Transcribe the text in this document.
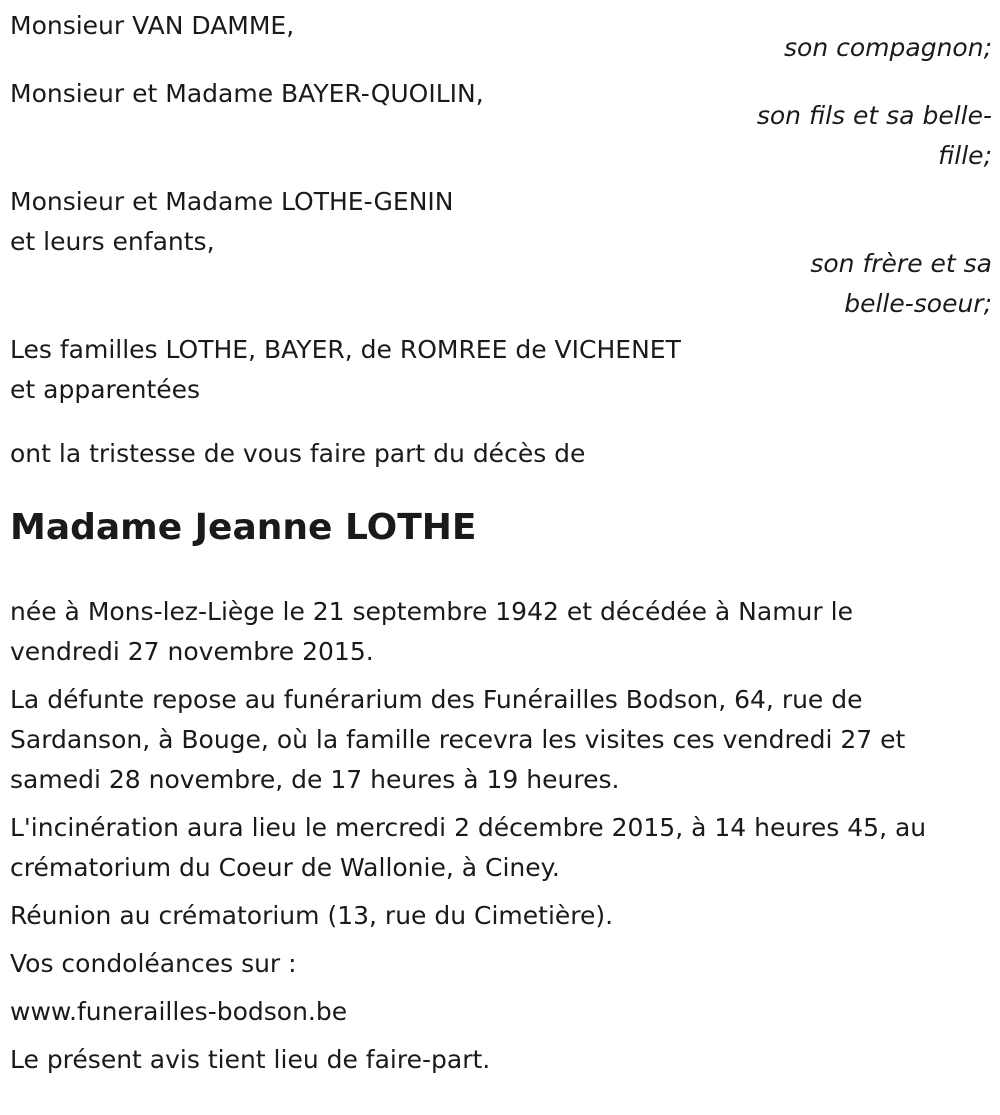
Monsieur VAN DAMME,

son compagnon;

Monsieur et Madame BAYER-QUOILIN,

son fils et sa belle-

fille;

Monsieur et Madame LOTHE-GENIN

et leurs enfants,

son frère et sa

belle-soeur;

Les familles LOTHE, BAYER, de ROMREE de VICHENET

et apparentées

ont la tristesse de vous faire part du décès de

Madame Jeanne LOTHE
née à Mons-lez-Liège le 21 septembre 1942 et décédée à Namur le
vendredi 27 novembre 2015.
La défunte repose au funérarium des Funérailles Bodson, 64, rue de
Sardanson, à Bouge, où la famille recevra les visites ces vendredi 27 et
samedi 28 novembre, de 17 heures à 19 heures.
L'incinération aura lieu le mercredi 2 décembre 2015, à 14 heures 45, au
crématorium du Coeur de Wallonie, à Ciney.
Réunion au crématorium (13, rue du Cimetière).
Vos condoléances sur :
www.funerailles-bodson.be
Le présent avis tient lieu de faire-part.
